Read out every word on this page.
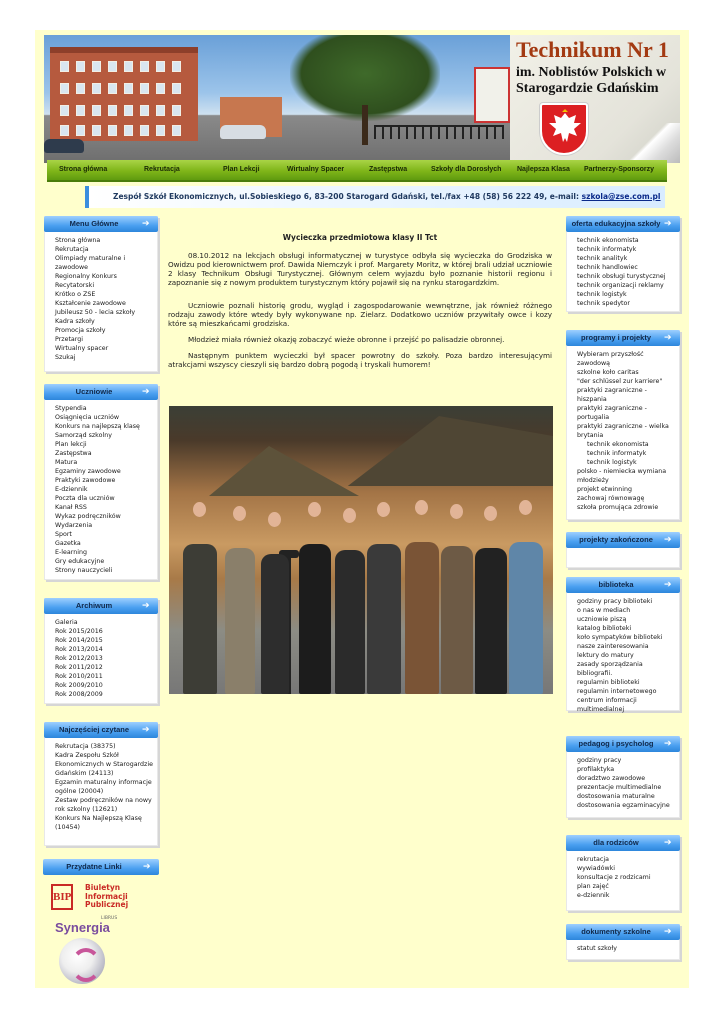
Technikum Nr 1
im. Noblistów Polskich w Starogardzie Gdańskim
Strona główna	Rekrutacja	Plan Lekcji	Wirtualny Spacer	Zastępstwa	Szkoły dla Dorosłych Najlepsza Klasa Partnerzy-Sponsorzy
Zespół Szkół Ekonomicznych, ul.Sobieskiego 6, 83-200 Starogard Gdański, tel./fax +48 (58) 56 222 49, e-mail: szkola@zse.com.pl
Menu Główne	➔
Strona główna
Rekrutacja
Olimpiady maturalne i zawodowe
Regionalny Konkurs Recytatorski
Krótko o ZSE
Kształcenie zawodowe
Jubileusz 50 - lecia szkoły
Kadra szkoły
Promocja szkoły
Przetargi
Wirtualny spacer
Szukaj
Uczniowie	➔
Stypendia
Osiągnięcia uczniów
Konkurs na najlepszą klasę
Samorząd szkolny
Plan lekcji
Zastępstwa
Matura
Egzaminy zawodowe
Praktyki zawodowe
E-dziennik
Poczta dla uczniów
Kanał RSS
Wykaz podręczników
Wydarzenia
Sport
Gazetka
E-learning
Gry edukacyjne
Strony nauczycieli
Archiwum	➔
Galeria
Rok 2015/2016
Rok 2014/2015
Rok 2013/2014
Rok 2012/2013
Rok 2011/2012
Rok 2010/2011
Rok 2009/2010
Rok 2008/2009
Najczęściej czytane	➔
Rekrutacja (38375)
Kadra Zespołu Szkół Ekonomicznych w Starogardzie Gdańskim (24113)
Egzamin maturalny informacje ogólne (20004)
Zestaw podręczników na nowy rok szkolny (12621)
Konkurs Na Najlepszą Klasę (10454)
Przydatne Linki	➔
BIP
Biuletyn Informacji Publicznej
Synergia
LIBRUS
Wycieczka przedmiotowa klasy II Tct

08.10.2012 na lekcjach obsługi informatycznej w turystyce odbyła się wycieczka do Grodziska w Owidzu pod kierownictwem prof. Dawida Niemczyk i prof. Margarety Moritz, w której brali udział uczniowie 2 klasy Technikum Obsługi Turystycznej. Głównym celem wyjazdu było poznanie historii regionu i zapoznanie się z nowym produktem turystycznym który pojawił się na rynku starogardzkim.

Uczniowie poznali historię grodu, wygląd i zagospodarowanie wewnętrzne, jak również różnego rodzaju zawody które wtedy były wykonywane np. Zielarz. Dodatkowo uczniów przywitały owce i kozy które są mieszkańcami grodziska.

Młodzież miała również okazję zobaczyć wieże obronne i przejść po palisadzie obronnej.

Następnym punktem wycieczki był spacer powrotny do szkoły. Poza bardzo interesującymi atrakcjami wszyscy cieszyli się bardzo dobrą pogodą i tryskali humorem!

oferta edukacyjna szkoły ➔
technik ekonomista
technik informatyk
technik analityk
technik handlowiec
technik obsługi turystycznej
technik organizacji reklamy
technik logistyk
technik spedytor
programy i projekty	➔
Wybieram przyszłość zawodową
szkolne koło caritas
"der schlüssel zur karriere"
praktyki zagraniczne - hiszpania
praktyki zagraniczne - portugalia
praktyki zagraniczne - wielka brytania
technik ekonomista
technik informatyk
technik logistyk
polsko - niemiecka wymiana młodzieży
projekt etwinning
zachowaj równowagę
szkoła promująca zdrowie
projekty zakończone	➔
biblioteka	➔
godziny pracy biblioteki
o nas w mediach
uczniowie piszą
katalog biblioteki
koło sympatyków biblioteki
nasze zainteresowania
lektury do matury
zasady sporządzania bibliografii.
regulamin biblioteki
regulamin internetowego centrum informacji multimedialnej
pedagog i psycholog	➔
godziny pracy
profilaktyka
doradztwo zawodowe
prezentacje multimedialne
dostosowania maturalne
dostosowania egzaminacyjne
dla rodziców	➔
rekrutacja
wywiadówki
konsultacje z rodzicami
plan zajęć
e-dziennik
dokumenty szkolne	➔
statut szkoły
